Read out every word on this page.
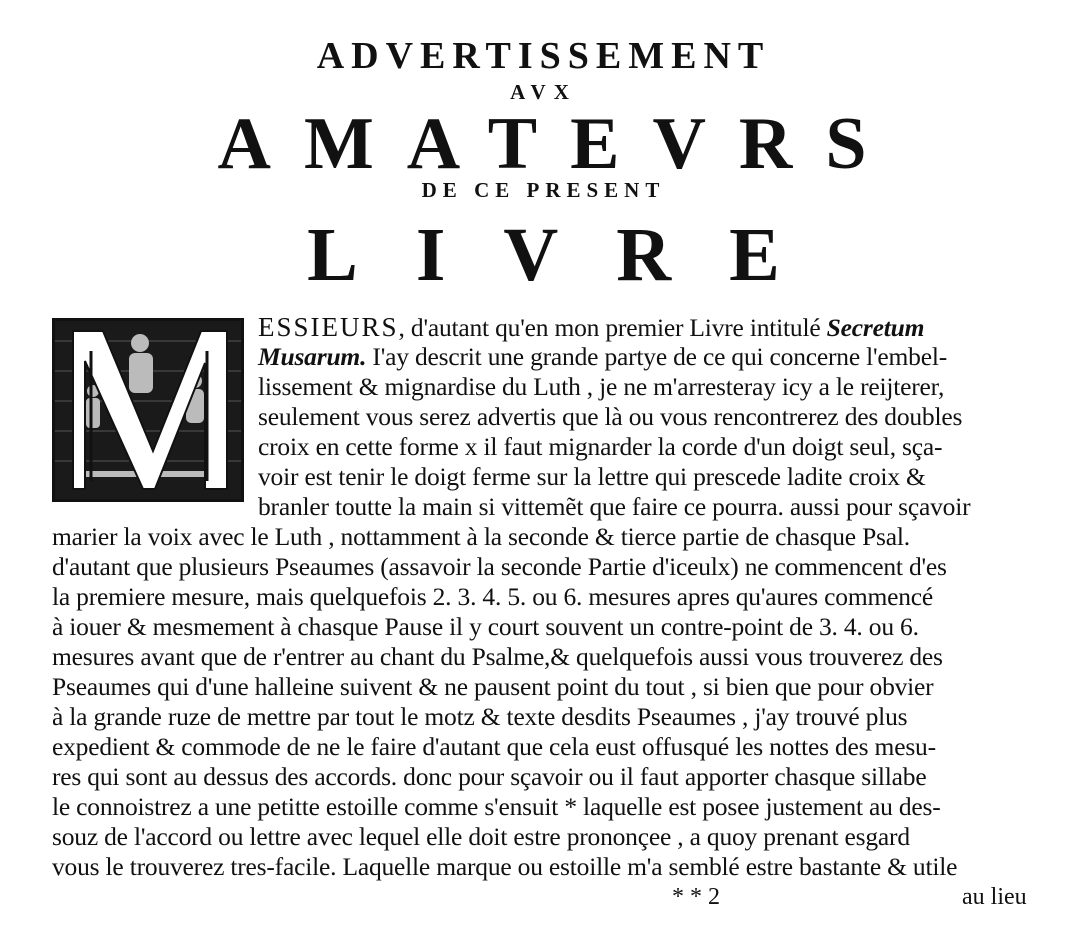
ADVERTISSEMENT
AVX
AMATEVRS
DE CE PRESENT
LIVRE
ESSIEURS, d'autant qu'en mon premier Livre intitulé Secretum
Musarum. I'ay descrit une grande partye de ce qui concerne l'embel-
lissement & mignardise du Luth , je ne m'arresteray icy a le reijterer,
seulement vous serez advertis que là ou vous rencontrerez des doubles
croix en cette forme x il faut mignarder la corde d'un doigt seul, sça-
voir est tenir le doigt ferme sur la lettre qui prescede ladite croix &
branler toutte la main si vittemẽt que faire ce pourra. aussi pour sçavoir
marier la voix avec le Luth , nottamment à la seconde & tierce partie de chasque Psal.
d'autant que plusieurs Pseaumes (assavoir la seconde Partie d'iceulx) ne commencent d'es
la premiere mesure, mais quelquefois 2. 3. 4. 5. ou 6. mesures apres qu'aures commencé
à iouer & mesmement à chasque Pause il y court souvent un contre-point de 3. 4. ou 6.
mesures avant que de r'entrer au chant du Psalme,& quelquefois aussi vous trouverez des
Pseaumes qui d'une halleine suivent & ne pausent point du tout , si bien que pour obvier
à la grande ruze de mettre par tout le motz & texte desdits Pseaumes , j'ay trouvé plus
expedient & commode de ne le faire d'autant que cela eust offusqué les nottes des mesu-
res qui sont au dessus des accords. donc pour sçavoir ou il faut apporter chasque sillabe
le connoistrez a une petitte estoille comme s'ensuit * laquelle est posee justement au des-
souz de l'accord ou lettre avec lequel elle doit estre prononçee , a quoy prenant esgard
vous le trouverez tres-facile. Laquelle marque ou estoille m'a semblé estre bastante & utile
* * 2	au lieu
